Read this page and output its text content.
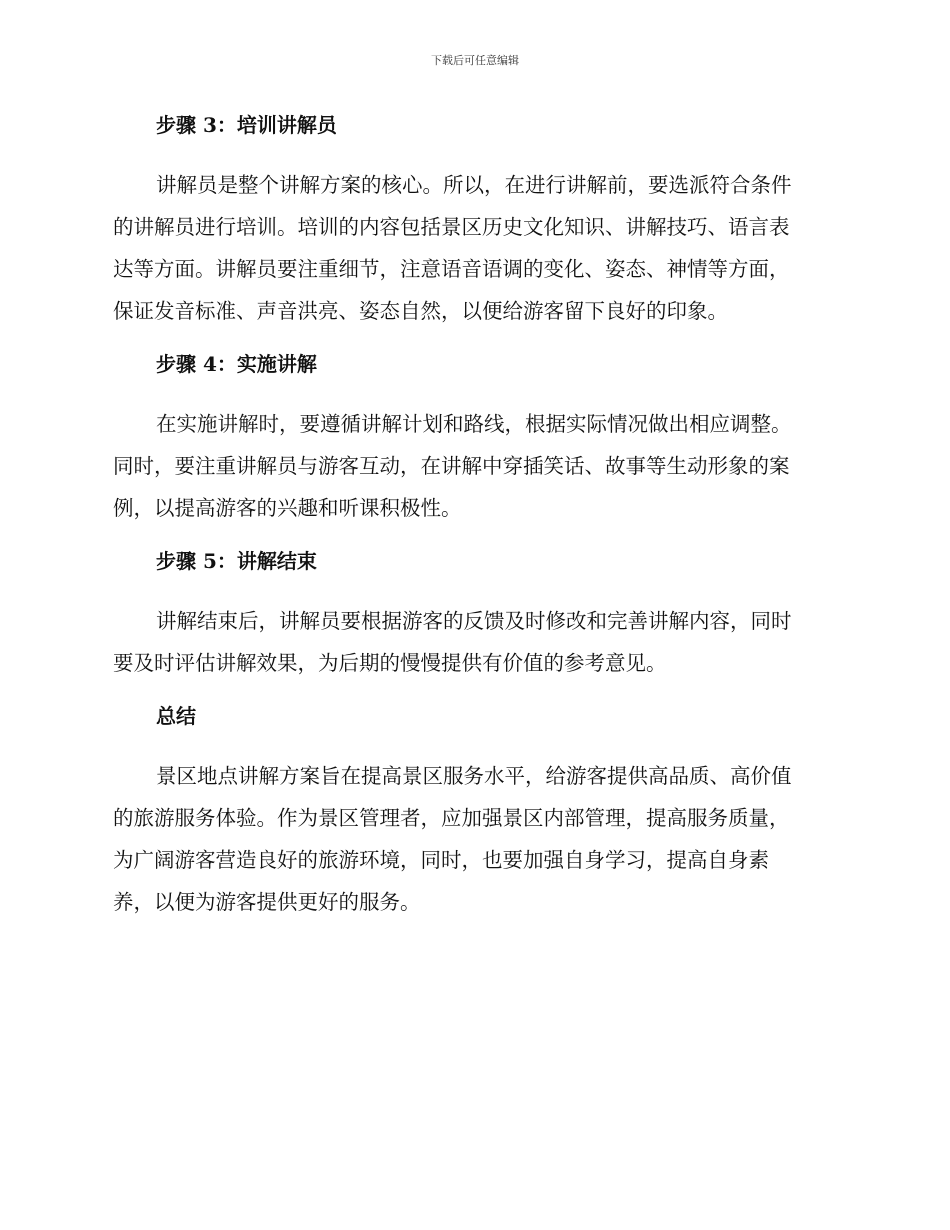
下载后可任意编辑
步骤 3：培训讲解员

讲解员是整个讲解方案的核心。所以，在进行讲解前，要选派符合条件
的讲解员进行培训。培训的内容包括景区历史文化知识、讲解技巧、语言表
达等方面。讲解员要注重细节，注意语音语调的变化、姿态、神情等方面，
保证发音标准、声音洪亮、姿态自然，以便给游客留下良好的印象。

步骤 4：实施讲解

在实施讲解时，要遵循讲解计划和路线，根据实际情况做出相应调整。
同时，要注重讲解员与游客互动，在讲解中穿插笑话、故事等生动形象的案
例，以提高游客的兴趣和听课积极性。

步骤 5：讲解结束

讲解结束后，讲解员要根据游客的反馈及时修改和完善讲解内容，同时
要及时评估讲解效果，为后期的慢慢提供有价值的参考意见。

总结

景区地点讲解方案旨在提高景区服务水平，给游客提供高品质、高价值
的旅游服务体验。作为景区管理者，应加强景区内部管理，提高服务质量，
为广阔游客营造良好的旅游环境，同时，也要加强自身学习，提高自身素
养，以便为游客提供更好的服务。
